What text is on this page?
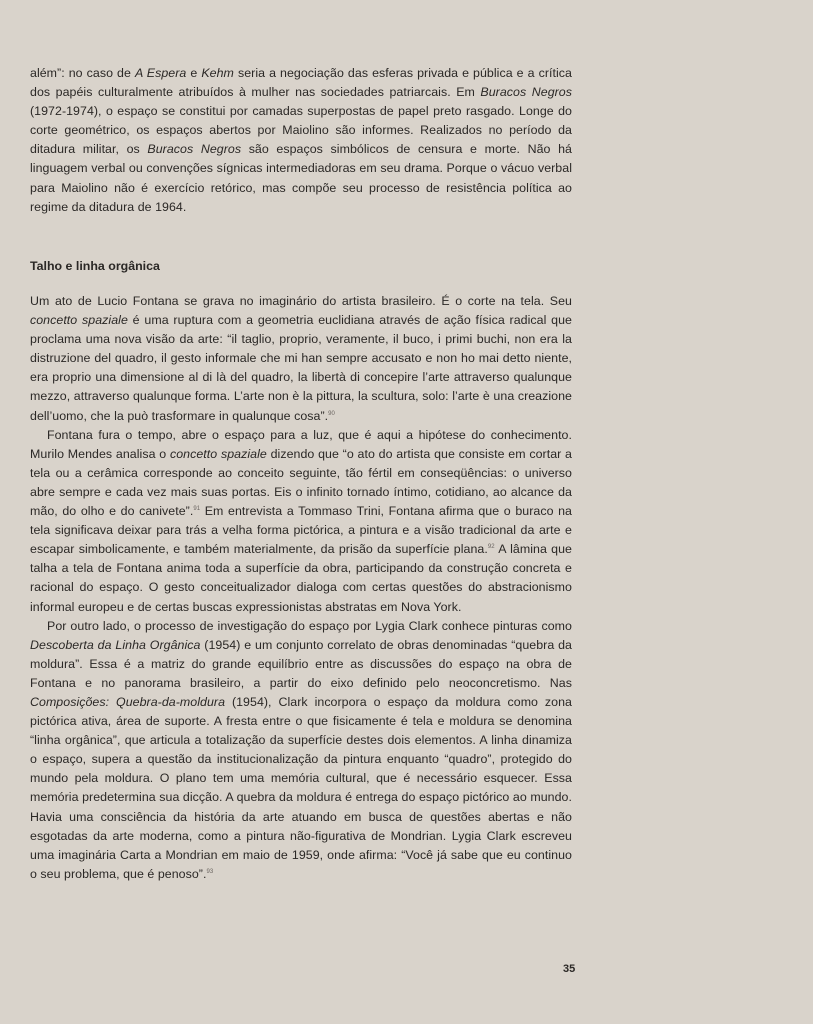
além”: no caso de A Espera e Kehm seria a negociação das esferas privada e pública e a crítica dos papéis culturalmente atribuídos à mulher nas sociedades patriarcais. Em Buracos Negros (1972-1974), o espaço se constitui por camadas superpostas de papel preto rasgado. Longe do corte geométrico, os espaços abertos por Maiolino são informes. Realizados no período da ditadura militar, os Buracos Negros são espaços simbólicos de censura e morte. Não há linguagem verbal ou convenções sígnicas intermediadoras em seu drama. Porque o vácuo verbal para Maiolino não é exercício retórico, mas compõe seu processo de resistência política ao regime da ditadura de 1964.

Talho e linha orgânica

Um ato de Lucio Fontana se grava no imaginário do artista brasileiro. É o corte na tela. Seu concetto spaziale é uma ruptura com a geometria euclidiana através de ação física radical que proclama uma nova visão da arte: “il taglio, proprio, veramente, il buco, i primi buchi, non era la distruzione del quadro, il gesto informale che mi han sempre accusato e non ho mai detto niente, era proprio una dimensione al di là del quadro, la libertà di concepire l’arte attraverso qualunque mezzo, attraverso qualunque forma. L’arte non è la pittura, la scultura, solo: l’arte è una creazione dell’uomo, che la può trasformare in qualunque cosa”.$^{90}$

Fontana fura o tempo, abre o espaço para a luz, que é aqui a hipótese do conhecimento. Murilo Mendes analisa o concetto spaziale dizendo que “o ato do artista que consiste em cortar a tela ou a cerâmica corresponde ao conceito seguinte, tão fértil em conseqüências: o universo abre sempre e cada vez mais suas portas. Eis o infinito tornado íntimo, cotidiano, ao alcance da mão, do olho e do canivete”.$^{91}$ Em entrevista a Tommaso Trini, Fontana afirma que o buraco na tela significava deixar para trás a velha forma pictórica, a pintura e a visão tradicional da arte e escapar simbolicamente, e também materialmente, da prisão da superfície plana.$^{92}$ A lâmina que talha a tela de Fontana anima toda a superfície da obra, participando da construção concreta e racional do espaço. O gesto conceitualizador dialoga com certas questões do abstracionismo informal europeu e de certas buscas expressionistas abstratas em Nova York.

Por outro lado, o processo de investigação do espaço por Lygia Clark conhece pinturas como Descoberta da Linha Orgânica (1954) e um conjunto correlato de obras denominadas “quebra da moldura”. Essa é a matriz do grande equilíbrio entre as discussões do espaço na obra de Fontana e no panorama brasileiro, a partir do eixo definido pelo neoconcretismo. Nas Composições: Quebra-da-moldura (1954), Clark incorpora o espaço da moldura como zona pictórica ativa, área de suporte. A fresta entre o que fisicamente é tela e moldura se denomina “linha orgânica”, que articula a totalização da superfície destes dois elementos. A linha dinamiza o espaço, supera a questão da institucionalização da pintura enquanto “quadro”, protegido do mundo pela moldura. O plano tem uma memória cultural, que é necessário esquecer. Essa memória predetermina sua dicção. A quebra da moldura é entrega do espaço pictórico ao mundo. Havia uma consciência da história da arte atuando em busca de questões abertas e não esgotadas da arte moderna, como a pintura não-figurativa de Mondrian. Lygia Clark escreveu uma imaginária Carta a Mondrian em maio de 1959, onde afirma: “Você já sabe que eu continuo o seu problema, que é penoso”.$^{93}$

35
